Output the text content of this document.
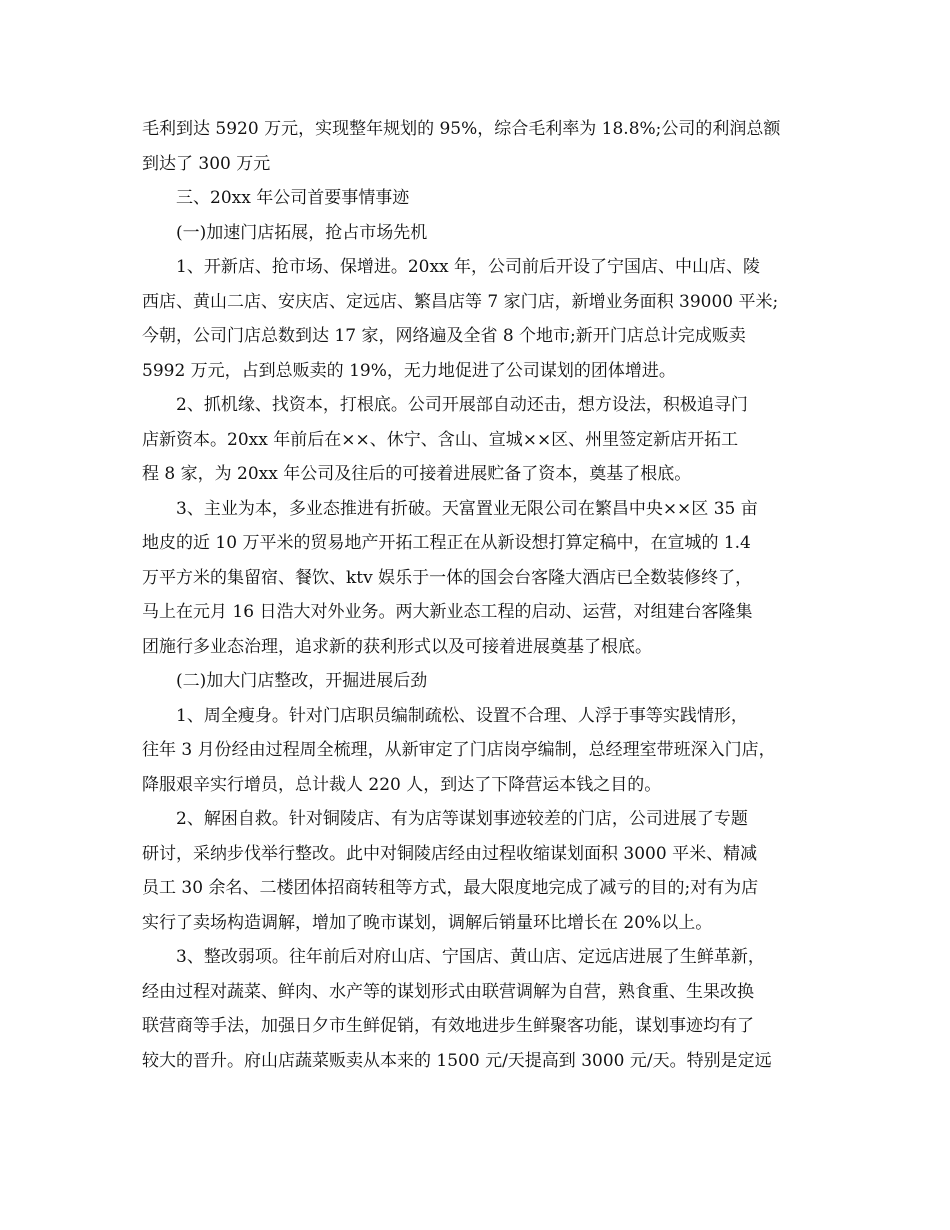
毛利到达 5920 万元，实现整年规划的 95%，综合毛利率为 18.8%;公司的利润总额
到达了 300 万元

三、20xx 年公司首要事情事迹

(一)加速门店拓展，抢占市场先机

1、开新店、抢市场、保增进。20xx 年，公司前后开设了宁国店、中山店、陵
西店、黄山二店、安庆店、定远店、繁昌店等 7 家门店，新增业务面积 39000 平米;
今朝，公司门店总数到达 17 家，网络遍及全省 8 个地市;新开门店总计完成贩卖
5992 万元，占到总贩卖的 19%，无力地促进了公司谋划的团体增进。

2、抓机缘、找资本，打根底。公司开展部自动还击，想方设法，积极追寻门
店新资本。20xx 年前后在××、休宁、含山、宣城××区、州里签定新店开拓工
程 8 家，为 20xx 年公司及往后的可接着进展贮备了资本，奠基了根底。

3、主业为本，多业态推进有折破。天富置业无限公司在繁昌中央××区 35 亩
地皮的近 10 万平米的贸易地产开拓工程正在从新设想打算定稿中，在宣城的 1.4
万平方米的集留宿、餐饮、ktv 娱乐于一体的国会台客隆大酒店已全数装修终了，
马上在元月 16 日浩大对外业务。两大新业态工程的启动、运营，对组建台客隆集
团施行多业态治理，追求新的获利形式以及可接着进展奠基了根底。

(二)加大门店整改，开掘进展后劲

1、周全瘦身。针对门店职员编制疏松、设置不合理、人浮于事等实践情形，
往年 3 月份经由过程周全梳理，从新审定了门店岗亭编制，总经理室带班深入门店，
降服艰辛实行增员，总计裁人 220 人，到达了下降营运本钱之目的。

2、解困自救。针对铜陵店、有为店等谋划事迹较差的门店，公司进展了专题
研讨，采纳步伐举行整改。此中对铜陵店经由过程收缩谋划面积 3000 平米、精减
员工 30 余名、二楼团体招商转租等方式，最大限度地完成了减亏的目的;对有为店
实行了卖场构造调解，增加了晚市谋划，调解后销量环比增长在 20%以上。

3、整改弱项。往年前后对府山店、宁国店、黄山店、定远店进展了生鲜革新，
经由过程对蔬菜、鲜肉、水产等的谋划形式由联营调解为自营，熟食重、生果改换
联营商等手法，加强日夕市生鲜促销，有效地进步生鲜聚客功能，谋划事迹均有了
较大的晋升。府山店蔬菜贩卖从本来的 1500 元/天提高到 3000 元/天。特别是定远
